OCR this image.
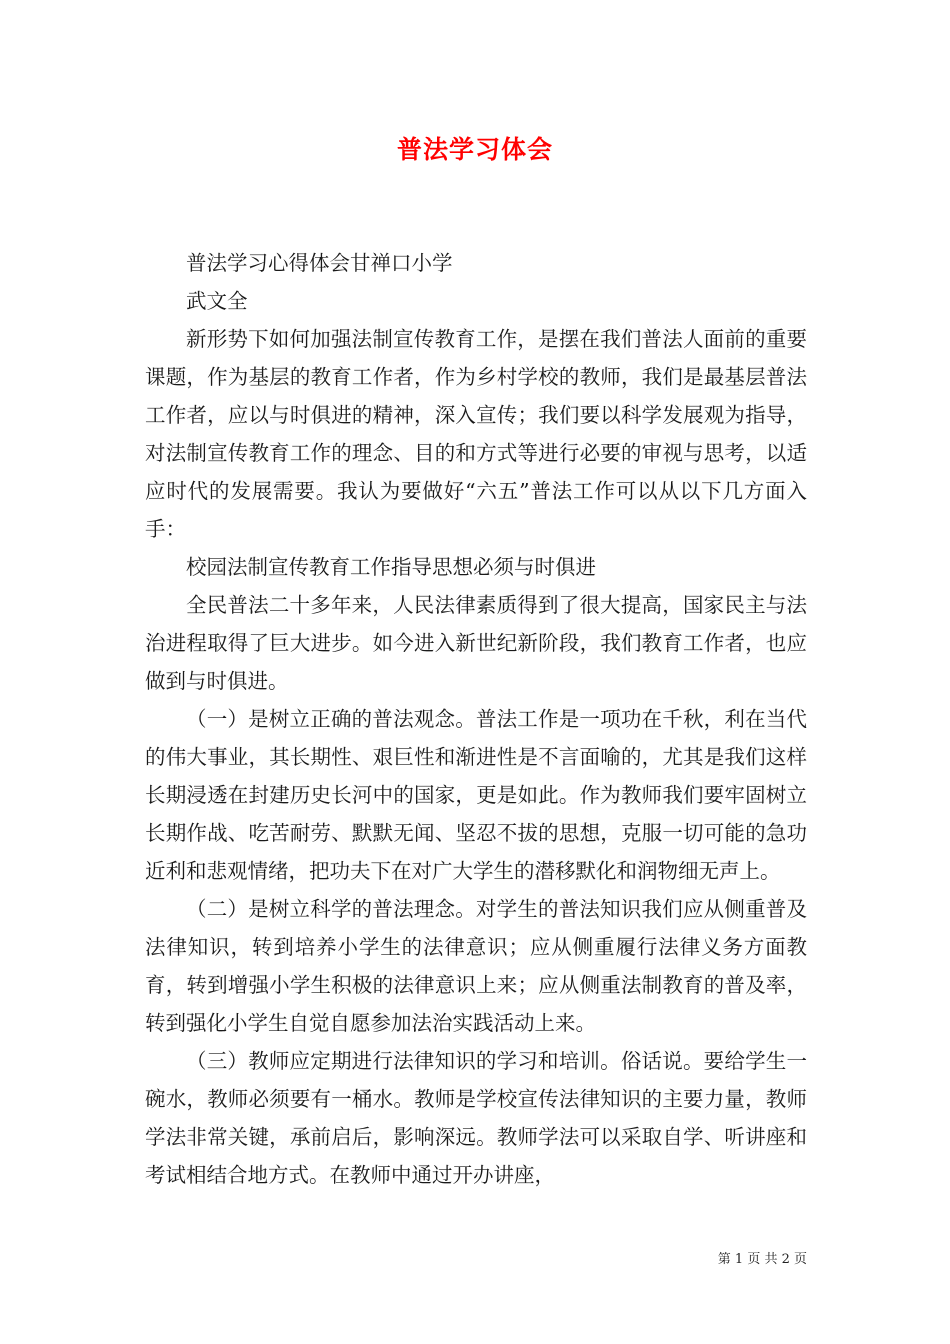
普法学习体会

普法学习心得体会甘禅口小学

武文全

新形势下如何加强法制宣传教育工作，是摆在我们普法人面前的重要课题，作为基层的教育工作者，作为乡村学校的教师，我们是最基层普法工作者，应以与时俱进的精神，深入宣传；我们要以科学发展观为指导，对法制宣传教育工作的理念、目的和方式等进行必要的审视与思考，以适应时代的发展需要。我认为要做好“六五”普法工作可以从以下几方面入手：

校园法制宣传教育工作指导思想必须与时俱进

全民普法二十多年来，人民法律素质得到了很大提高，国家民主与法治进程取得了巨大进步。如今进入新世纪新阶段，我们教育工作者，也应做到与时俱进。

（一）是树立正确的普法观念。普法工作是一项功在千秋，利在当代的伟大事业，其长期性、艰巨性和渐进性是不言面喻的，尤其是我们这样长期浸透在封建历史长河中的国家，更是如此。作为教师我们要牢固树立长期作战、吃苦耐劳、默默无闻、坚忍不拔的思想，克服一切可能的急功近利和悲观情绪，把功夫下在对广大学生的潜移默化和润物细无声上。

（二）是树立科学的普法理念。对学生的普法知识我们应从侧重普及法律知识，转到培养小学生的法律意识；应从侧重履行法律义务方面教育，转到增强小学生积极的法律意识上来；应从侧重法制教育的普及率，转到强化小学生自觉自愿参加法治实践活动上来。

（三）教师应定期进行法律知识的学习和培训。俗话说。要给学生一碗水，教师必须要有一桶水。教师是学校宣传法律知识的主要力量，教师学法非常关键，承前启后，影响深远。教师学法可以采取自学、听讲座和考试相结合地方式。在教师中通过开办讲座，

第 1 页 共 2 页
